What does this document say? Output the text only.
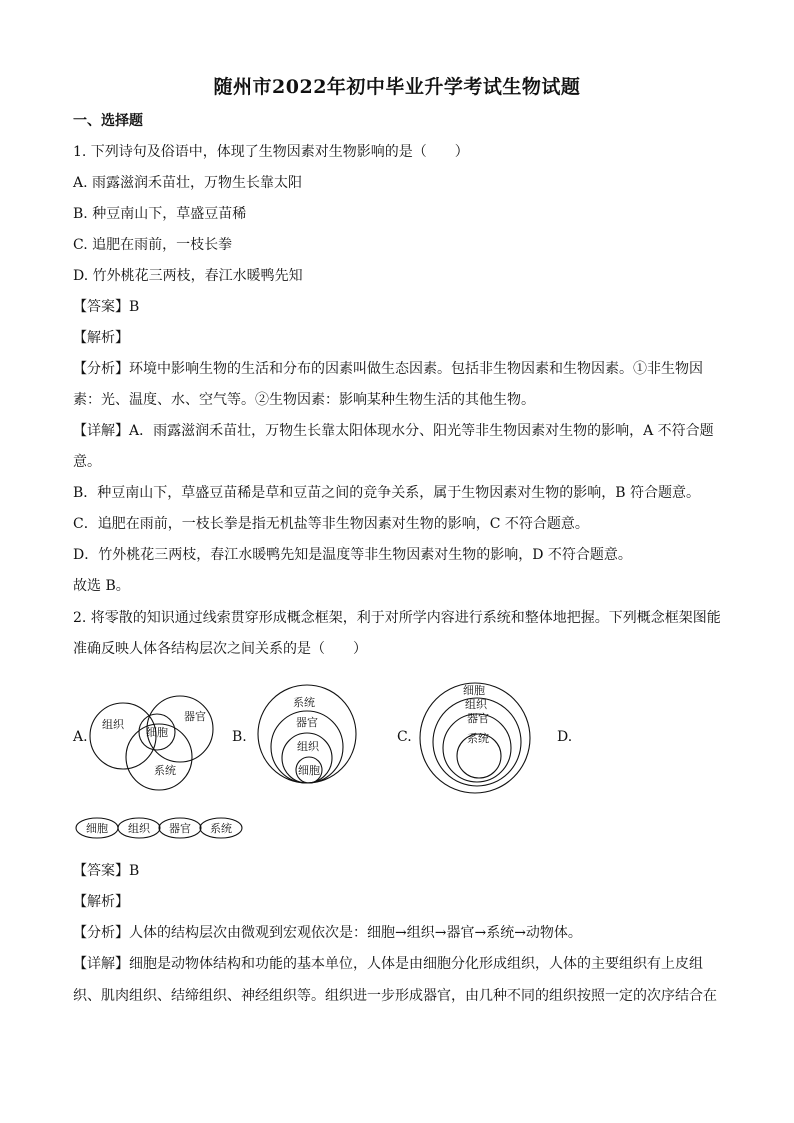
随州市2022年初中毕业升学考试生物试题
一、选择题
1. 下列诗句及俗语中，体现了生物因素对生物影响的是（　　）
A. 雨露滋润禾苗壮，万物生长靠太阳
B. 种豆南山下，草盛豆苗稀
C. 追肥在雨前，一枝长拳
D. 竹外桃花三两枝，春江水暖鸭先知
【答案】B
【解析】
【分析】环境中影响生物的生活和分布的因素叫做生态因素。包括非生物因素和生物因素。①非生物因
素：光、温度、水、空气等。②生物因素：影响某种生物生活的其他生物。
【详解】A．雨露滋润禾苗壮，万物生长靠太阳体现水分、阳光等非生物因素对生物的影响，A 不符合题
意。
B．种豆南山下，草盛豆苗稀是草和豆苗之间的竞争关系，属于生物因素对生物的影响，B 符合题意。
C．追肥在雨前，一枝长拳是指无机盐等非生物因素对生物的影响，C 不符合题意。
D．竹外桃花三两枝，春江水暖鸭先知是温度等非生物因素对生物的影响，D 不符合题意。
故选 B。
2. 将零散的知识通过线索贯穿形成概念框架，利于对所学内容进行系统和整体地把握。下列概念框架图能
准确反映人体各结构层次之间关系的是（　　）
A.	B.	C.	D.
组织
器官
细胞
系统
系统
器官
组织
细胞
细胞
组织
器官
系统
细胞 组织 器官 系统
【答案】B
【解析】
【分析】人体的结构层次由微观到宏观依次是：细胞→组织→器官→系统→动物体。
【详解】细胞是动物体结构和功能的基本单位，人体是由细胞分化形成组织，人体的主要组织有上皮组
织、肌肉组织、结缔组织、神经组织等。组织进一步形成器官，由几种不同的组织按照一定的次序结合在
